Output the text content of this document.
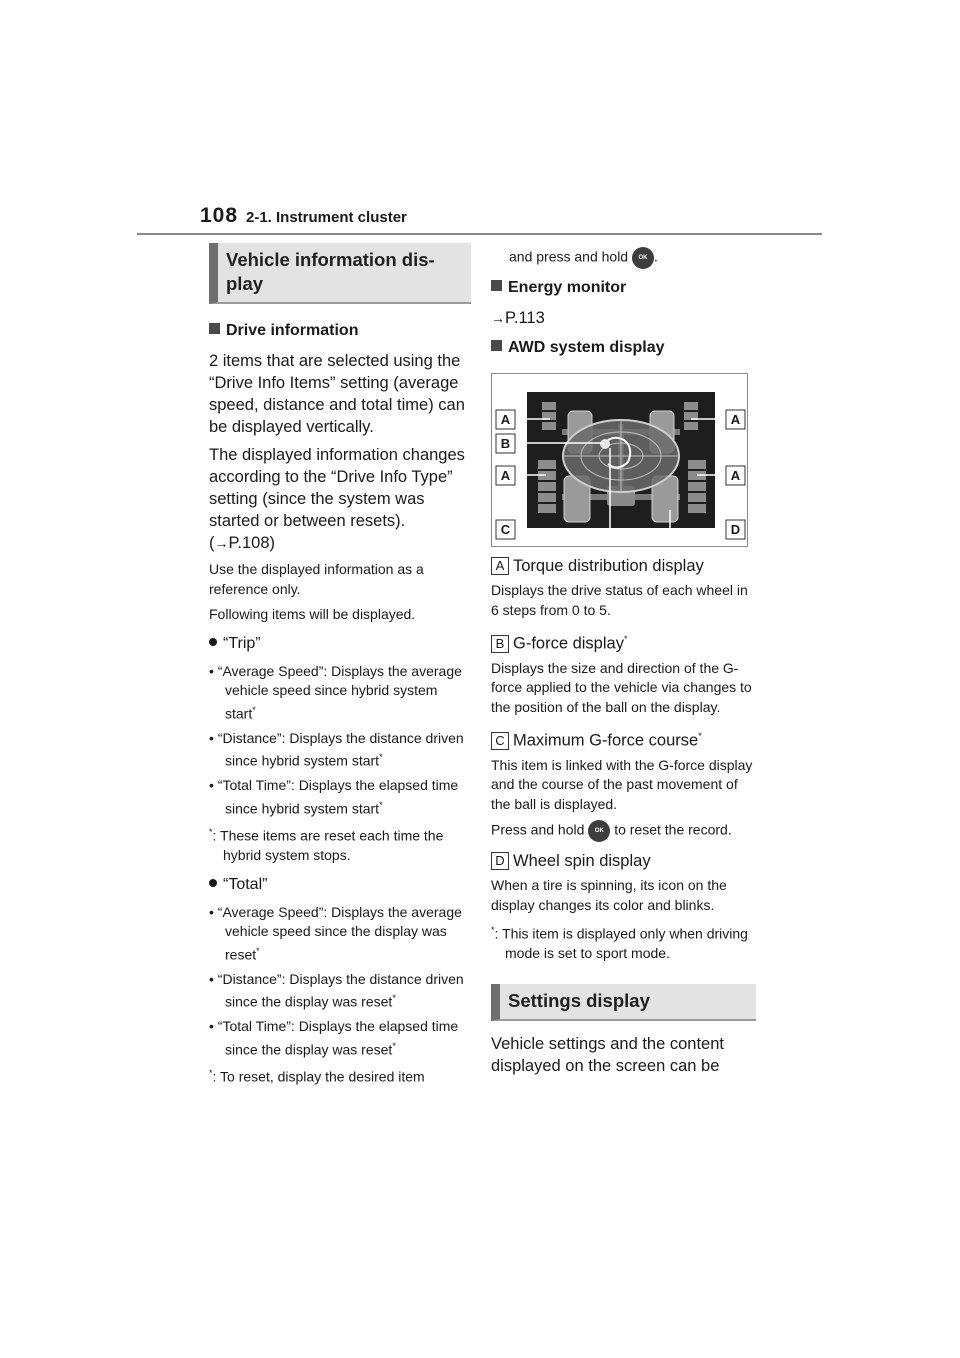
108 2-1. Instrument cluster
Vehicle information dis-
play
Drive information

2 items that are selected using the “Drive Info Items” setting (average speed, distance and total time) can be displayed vertically.

The displayed information changes according to the “Drive Info Type” setting (since the system was started or between resets). (→P.108)

Use the displayed information as a reference only.

Following items will be displayed.

“Trip”
• “Average Speed”: Displays the average vehicle speed since hybrid system start*
• “Distance”: Displays the distance driven since hybrid system start*
• “Total Time”: Displays the elapsed time since hybrid system start*
*: These items are reset each time the hybrid system stops.
“Total”
• “Average Speed”: Displays the average vehicle speed since the display was reset*
• “Distance”: Displays the distance driven since the display was reset*
• “Total Time”: Displays the elapsed time since the display was reset*
*: To reset, display the desired item

and press and hold OK .

Energy monitor

→P.113

AWD system display
A	A
B
A	A
C	D
A Torque distribution display

Displays the drive status of each wheel in 6 steps from 0 to 5.

B G-force display*

Displays the size and direction of the G-force applied to the vehicle via changes to the position of the ball on the display.

C Maximum G-force course*

This item is linked with the G-force display and the course of the past movement of the ball is displayed.

Press and hold OK to reset the record.

D Wheel spin display

When a tire is spinning, its icon on the display changes its color and blinks.

*: This item is displayed only when driving mode is set to sport mode.
Settings display

Vehicle settings and the content displayed on the screen can be
